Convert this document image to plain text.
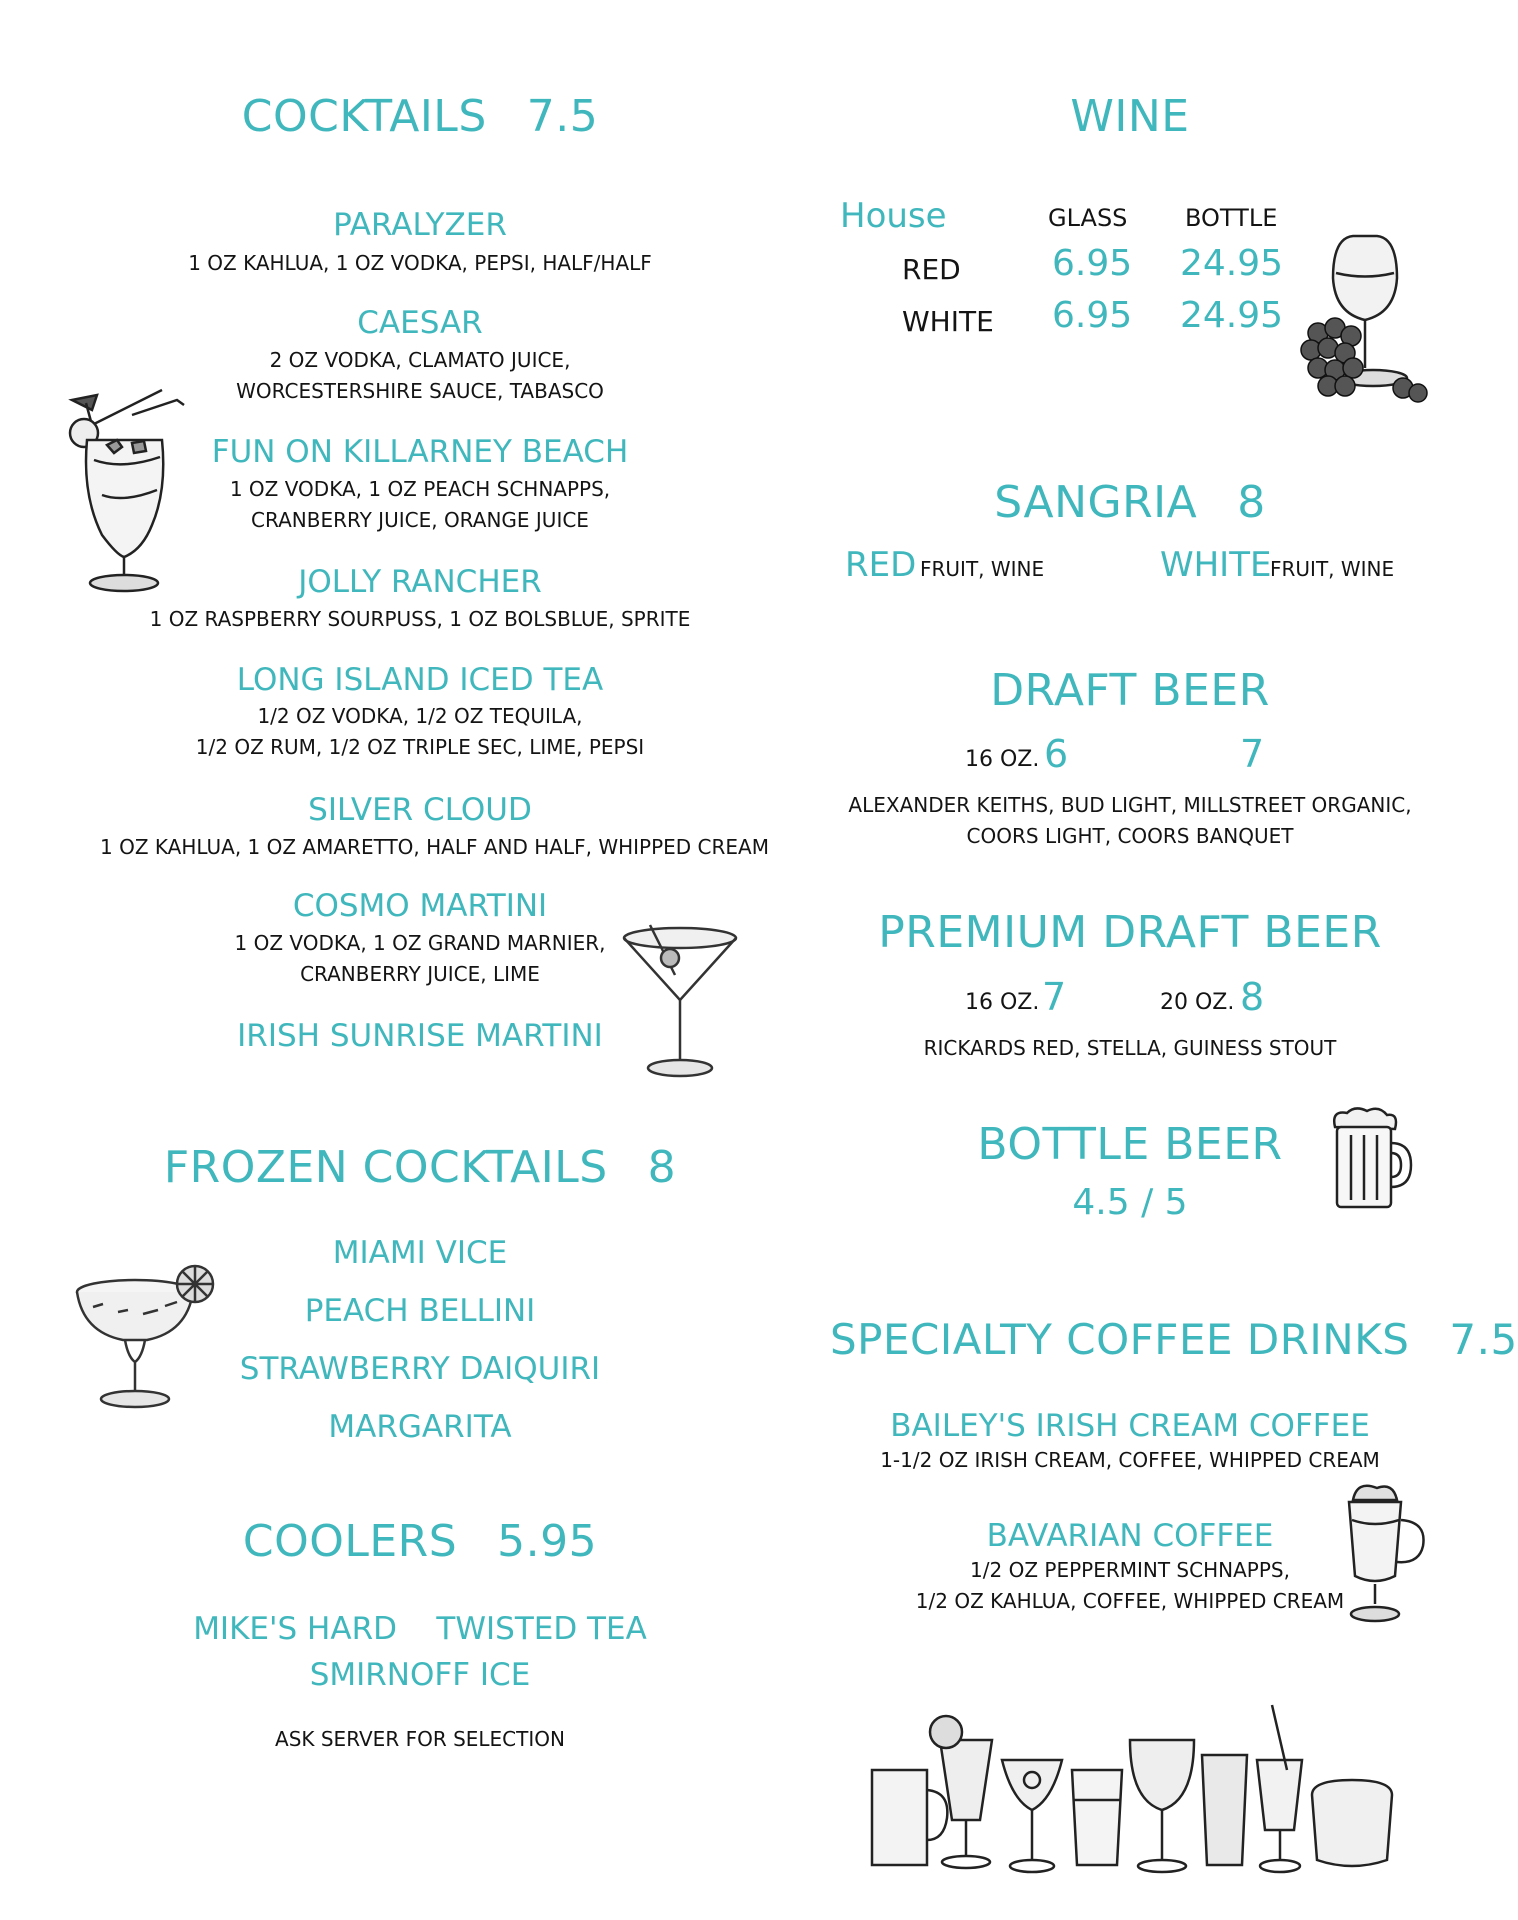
COCKTAILS 7.5
PARALYZER
1 OZ KAHLUA, 1 OZ VODKA, PEPSI, HALF/HALF
CAESAR
2 OZ VODKA, CLAMATO JUICE,
WORCESTERSHIRE SAUCE, TABASCO
FUN ON KILLARNEY BEACH
1 OZ VODKA, 1 OZ PEACH SCHNAPPS,
CRANBERRY JUICE, ORANGE JUICE
JOLLY RANCHER
1 OZ RASPBERRY SOURPUSS, 1 OZ BOLSBLUE, SPRITE
LONG ISLAND ICED TEA
1/2 OZ VODKA, 1/2 OZ TEQUILA,
1/2 OZ RUM, 1/2 OZ TRIPLE SEC, LIME, PEPSI
SILVER CLOUD
1 OZ KAHLUA, 1 OZ AMARETTO, HALF AND HALF, WHIPPED CREAM
COSMO MARTINI
1 OZ VODKA, 1 OZ GRAND MARNIER,
CRANBERRY JUICE, LIME
IRISH SUNRISE MARTINI
FROZEN COCKTAILS 8
MIAMI VICE
PEACH BELLINI
STRAWBERRY DAIQUIRI
MARGARITA
COOLERS 5.95
MIKE'S HARD TWISTED TEA
SMIRNOFF ICE
ASK SERVER FOR SELECTION
WINE
House	GLASS BOTTLE
RED	6.95 24.95
WHITE 6.95 24.95
SANGRIA 8
RED FRUIT, WINE	WHITE
FRUIT, WINE
DRAFT BEER
16 OZ. 6	7
ALEXANDER KEITHS, BUD LIGHT, MILLSTREET ORGANIC,
COORS LIGHT, COORS BANQUET
PREMIUM DRAFT BEER
16 OZ. 7	20 OZ. 8
RICKARDS RED, STELLA, GUINESS STOUT
BOTTLE BEER
4.5 / 5
SPECIALTY COFFEE DRINKS 7.5
BAILEY'S IRISH CREAM COFFEE
1-1/2 OZ IRISH CREAM, COFFEE, WHIPPED CREAM
BAVARIAN COFFEE
1/2 OZ PEPPERMINT SCHNAPPS,
1/2 OZ KAHLUA, COFFEE, WHIPPED CREAM
